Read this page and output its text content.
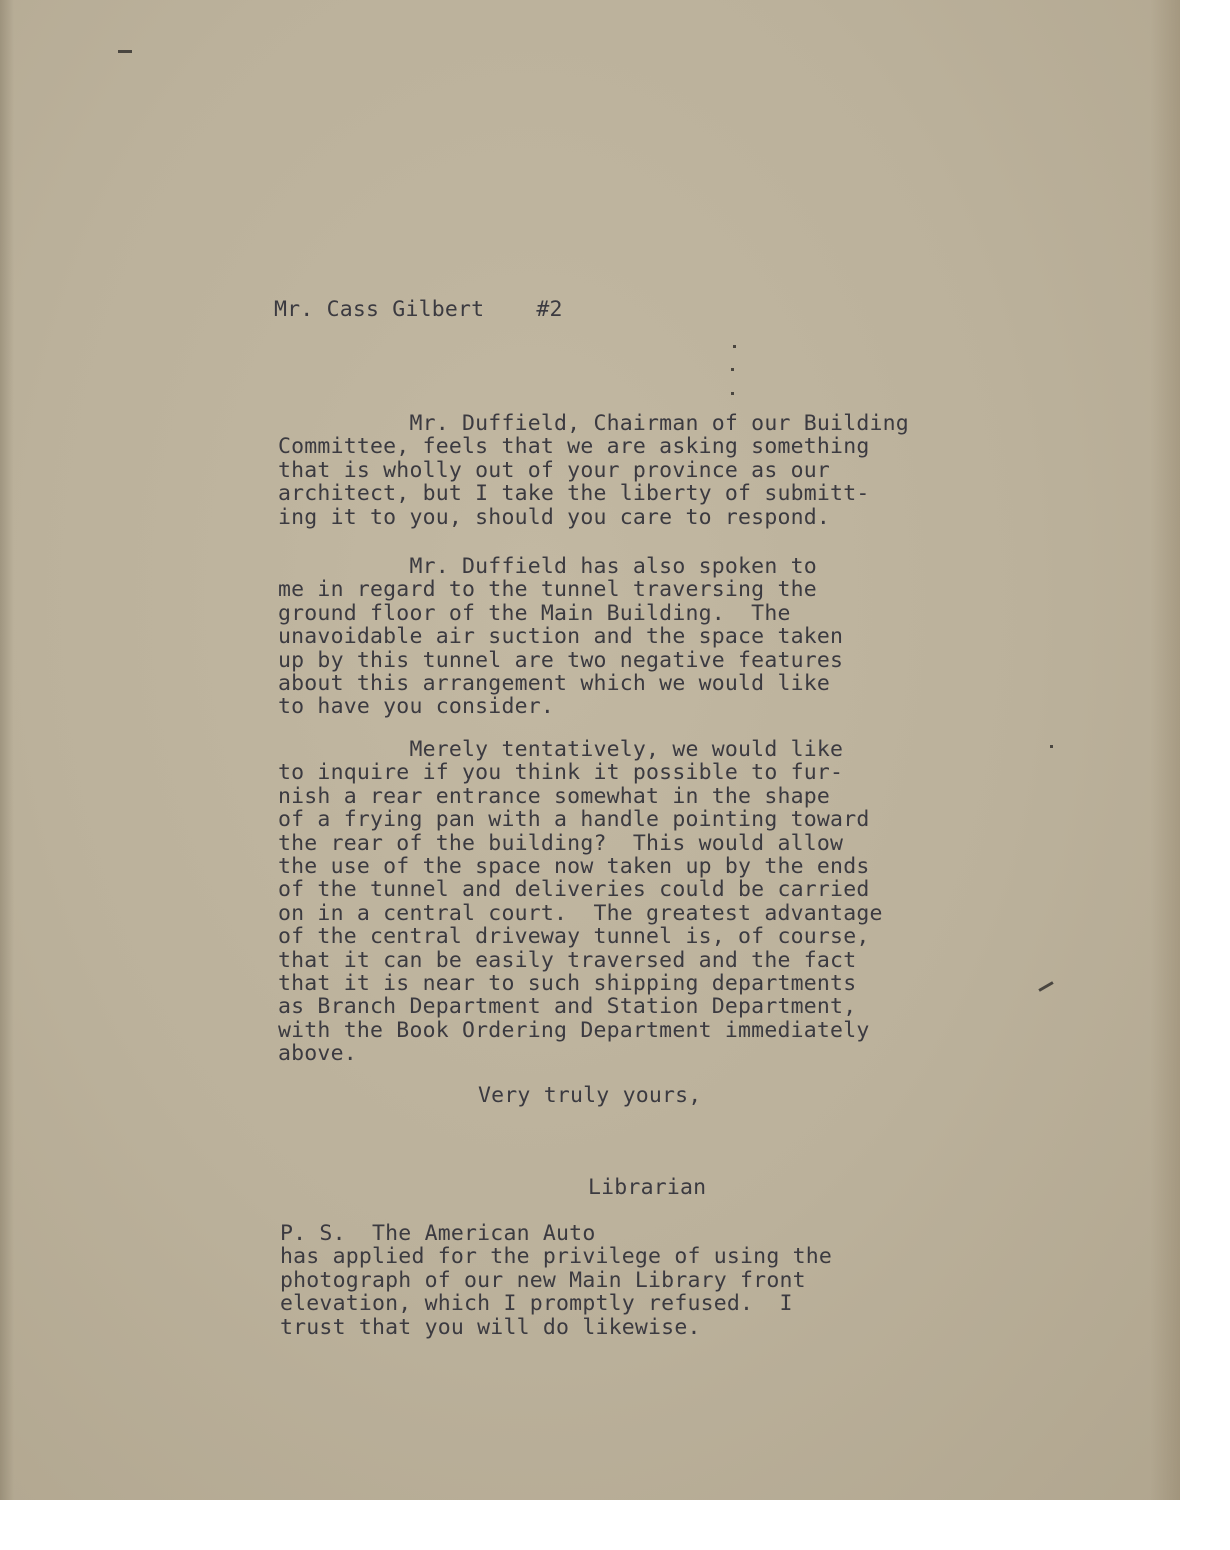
Mr. Cass Gilbert #2
Mr. Duffield, Chairman of our Building
Committee, feels that we are asking something
that is wholly out of your province as our
architect, but I take the liberty of submitt-
ing it to you, should you care to respond.
Mr. Duffield has also spoken to
me in regard to the tunnel traversing the
ground floor of the Main Building.  The
unavoidable air suction and the space taken
up by this tunnel are two negative features
about this arrangement which we would like
to have you consider.
Merely tentatively, we would like
to inquire if you think it possible to fur-
nish a rear entrance somewhat in the shape
of a frying pan with a handle pointing toward
the rear of the building?  This would allow
the use of the space now taken up by the ends
of the tunnel and deliveries could be carried
on in a central court.  The greatest advantage
of the central driveway tunnel is, of course,
that it can be easily traversed and the fact
that it is near to such shipping departments
as Branch Department and Station Department,
with the Book Ordering Department immediately
above.
Very truly yours,
Librarian
P. S.  The American Auto
has applied for the privilege of using the
photograph of our new Main Library front
elevation, which I promptly refused.  I
trust that you will do likewise.
